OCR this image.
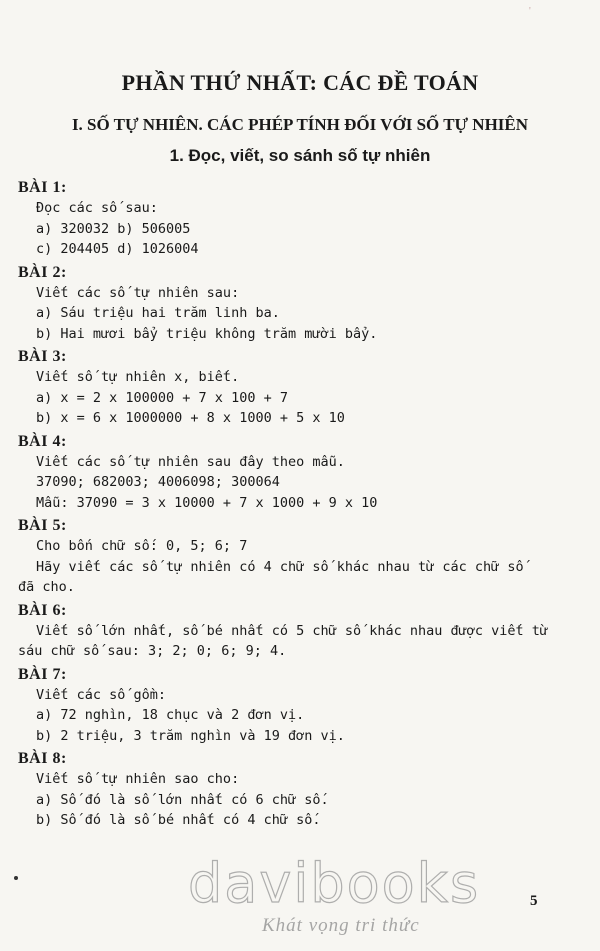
'
PHẦN THỨ NHẤT: CÁC ĐỀ TOÁN
I. SỐ TỰ NHIÊN. CÁC PHÉP TÍNH ĐỐI VỚI SỐ TỰ NHIÊN
1. Đọc, viết, so sánh số tự nhiên
BÀI 1:
Đọc các số sau:
a) 320032 b) 506005
c) 204405 d) 1026004
BÀI 2:
Viết các số tự nhiên sau:
a) Sáu triệu hai trăm linh ba.
b) Hai mươi bẩy triệu không trăm mười bẩy.
BÀI 3:
Viết số tự nhiên x, biết.
a) x = 2 x 100000 + 7 x 100 + 7
b) x = 6 x 1000000 + 8 x 1000 + 5 x 10
BÀI 4:
Viết các số tự nhiên sau đây theo mẫu.
37090; 682003; 4006098; 300064
Mẫu: 37090 = 3 x 10000 + 7 x 1000 + 9 x 10
BÀI 5:
Cho bốn chữ số: 0, 5; 6; 7
Hãy viết các số tự nhiên có 4 chữ số khác nhau từ các chữ số
đã cho.
BÀI 6:
Viết số lớn nhất, số bé nhất có 5 chữ số khác nhau được viết từ
sáu chữ số sau: 3; 2; 0; 6; 9; 4.
BÀI 7:
Viết các số gồm:
a) 72 nghìn, 18 chục và 2 đơn vị.
b) 2 triệu, 3 trăm nghìn và 19 đơn vị.
BÀI 8:
Viết số tự nhiên sao cho:
a) Số đó là số lớn nhất có 6 chữ số.
b) Số đó là số bé nhất có 4 chữ số.
davibooks
Khát vọng tri thức
5
